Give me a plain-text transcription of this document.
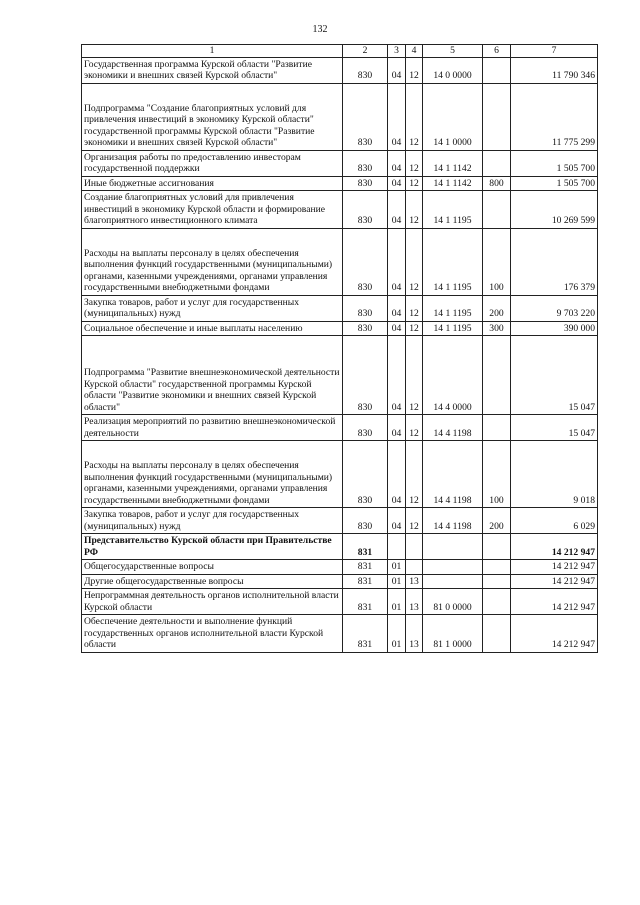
132
1	2	3	4	5	6	7

Государственная программа Курской области "Развитие экономики и внешних связей Курской области"	830	04	12	14 0 0000		11 790 346

Подпрограмма "Создание благоприятных условий для привлечения инвестиций в экономику Курской области" государственной программы Курской области "Развитие экономики и внешних связей Курской области"	830	04	12	14 1 0000		11 775 299

Организация работы по предоставлению инвесторам государственной поддержки	830	04	12	14 1 1142		1 505 700

Иные бюджетные ассигнования	830	04	12	14 1 1142	800	1 505 700

Создание благоприятных условий для привлечения инвестиций в экономику Курской области и формирование благоприятного инвестиционного климата	830	04	12	14 1 1195		10 269 599

Расходы на выплаты персоналу в целях обеспечения выполнения функций государственными (муниципальными) органами, казенными учреждениями, органами управления государственными внебюджетными фондами	830	04	12	14 1 1195	100	176 379

Закупка товаров, работ и услуг для государственных (муниципальных) нужд	830	04	12	14 1 1195	200	9 703 220

Социальное обеспечение и иные выплаты населению	830	04	12	14 1 1195	300	390 000

Подпрограмма "Развитие внешнеэкономической деятельности Курской области" государственной программы Курской области "Развитие экономики и внешних связей Курской области"	830	04	12	14 4 0000		15 047

Реализация мероприятий по развитию внешнеэкономической деятельности	830	04	12	14 4 1198		15 047

Расходы на выплаты персоналу в целях обеспечения выполнения функций государственными (муниципальными) органами, казенными учреждениями, органами управления государственными внебюджетными фондами	830	04	12	14 4 1198	100	9 018

Закупка товаров, работ и услуг для государственных (муниципальных) нужд	830	04	12	14 4 1198	200	6 029

Представительство Курской области при Правительстве РФ	831					14 212 947

Общегосударственные вопросы	831	01				14 212 947

Другие общегосударственные вопросы	831	01	13			14 212 947

Непрограммная деятельность органов исполнительной власти Курской области	831	01	13	81 0 0000		14 212 947

Обеспечение деятельности и выполнение функций государственных органов исполнительной власти Курской области	831	01	13	81 1 0000		14 212 947
